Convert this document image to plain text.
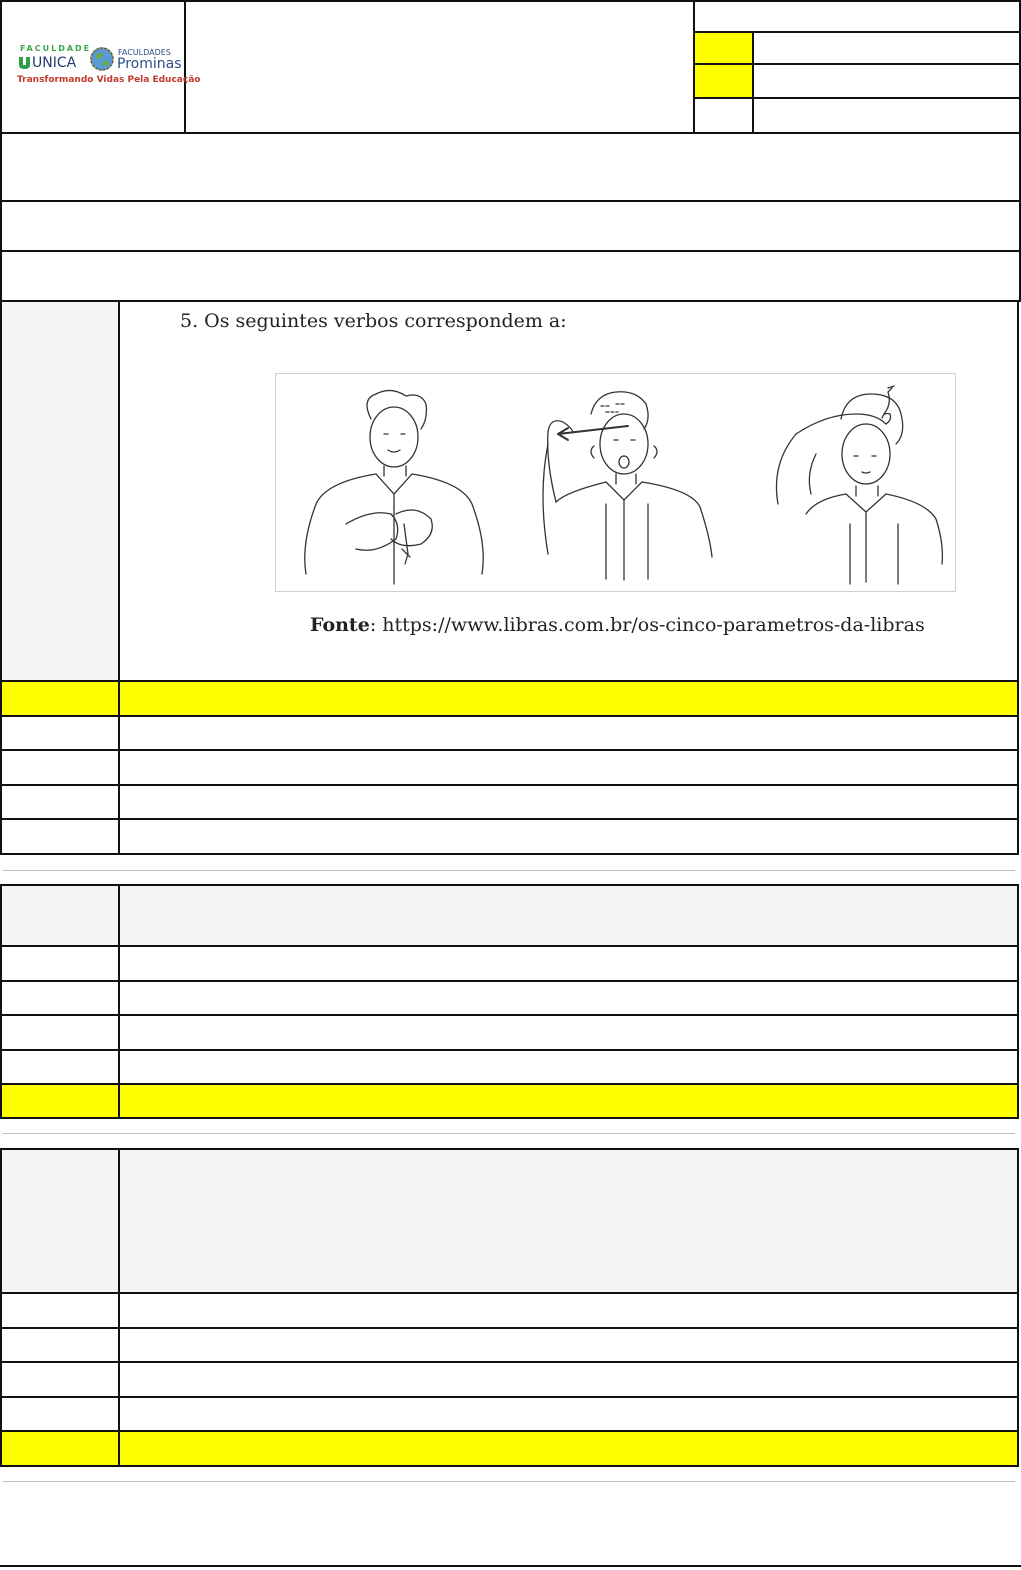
FACULDADE
UNICA
FACULDADES
Prominas
Transformando Vidas Pela Educação
5. Os seguintes verbos correspondem a:
Fonte: https://www.libras.com.br/os-cinco-parametros-da-libras
